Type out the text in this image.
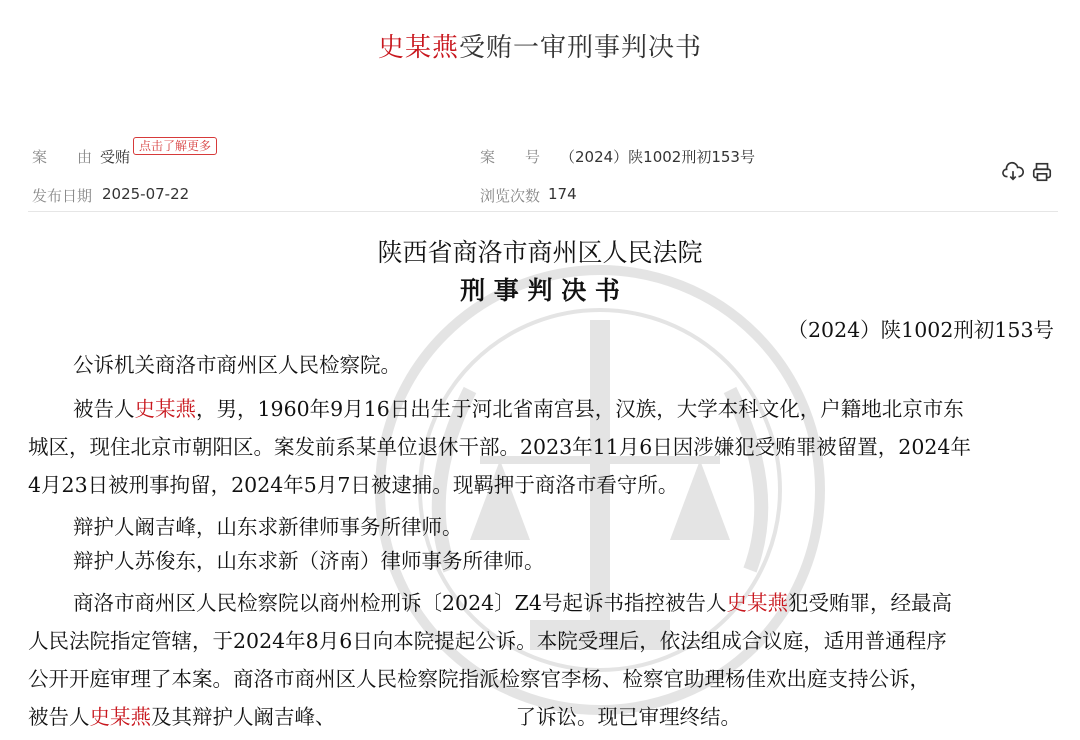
史某燕受贿一审刑事判决书
案　　由 受贿
点击了解更多
案　　号 （2024）陕1002刑初153号
发布日期 2025-07-22	浏览次数 174
陕西省商洛市商州区人民法院
刑 事 判 决 书
（2024）陕1002刑初153号
公诉机关商洛市商州区人民检察院。
被告人史某燕，男，1960年9月16日出生于河北省南宫县，汉族，大学本科文化，户籍地北京市东
城区，现住北京市朝阳区。案发前系某单位退休干部。2023年11月6日因涉嫌犯受贿罪被留置，2024年
4月23日被刑事拘留，2024年5月7日被逮捕。现羁押于商洛市看守所。
辩护人阚吉峰，山东求新律师事务所律师。
辩护人苏俊东，山东求新（济南）律师事务所律师。
商洛市商州区人民检察院以商州检刑诉〔2024〕Z4号起诉书指控被告人史某燕犯受贿罪，经最高
人民法院指定管辖，于2024年8月6日向本院提起公诉。本院受理后，依法组成合议庭，适用普通程序
公开开庭审理了本案。商洛市商州区人民检察院指派检察官李杨、检察官助理杨佳欢出庭支持公诉，
被告人史某燕及其辩护人阚吉峰、	了诉讼。现已审理终结。
